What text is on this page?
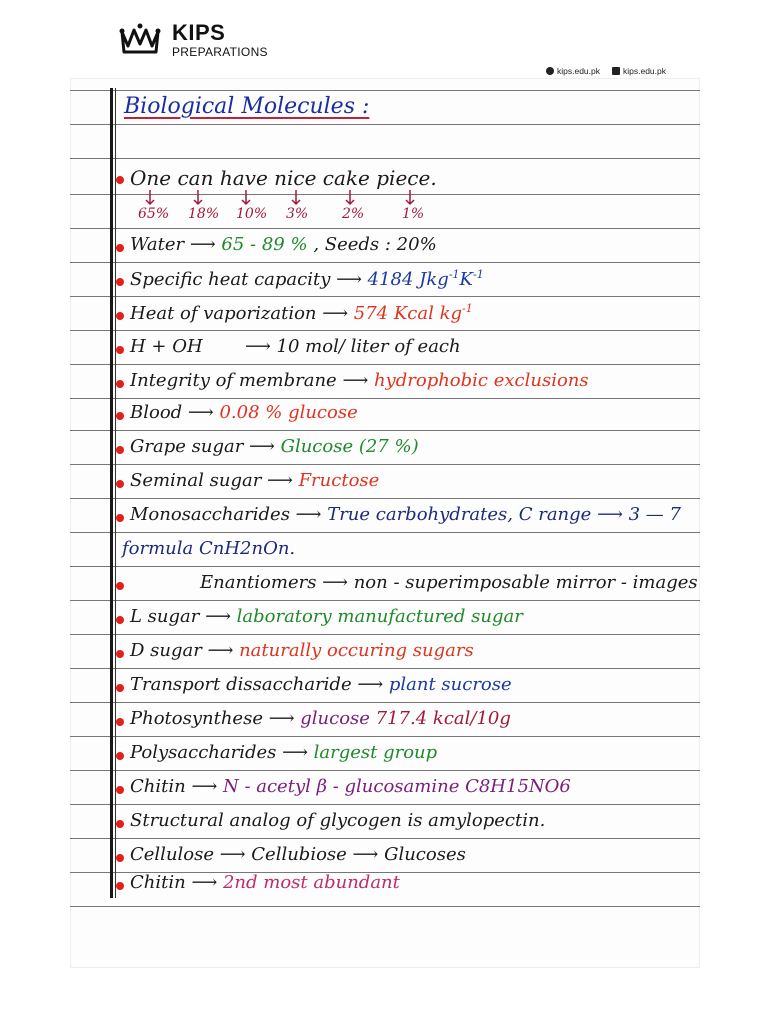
KIPS
PREPARATIONS
kips.edu.pk	kips.edu.pk
Biological Molecules :
One can have nice cake piece.
65% 18% 10% 3% 2%	1%
Water ⟶ 65 - 89 % , Seeds : 20%
Specific heat capacity ⟶ 4184 $Jkg^{-1}K^{-1}$
Heat of vaporization ⟶ 574 Kcal $kg^{-1}$
H + OH ⟶ 10 mol/ liter of each
Integrity of membrane ⟶ hydrophobic exclusions
Blood ⟶ 0.08 % glucose
Grape sugar ⟶ Glucose (27 %)
Seminal sugar ⟶ Fructose
Monosaccharides ⟶ True carbohydrates, C range ⟶ 3 — 7
formula CnH2nOn.
Enantiomers ⟶ non - superimposable mirror - images
L sugar ⟶ laboratory manufactured sugar
D sugar ⟶ naturally occuring sugars
Transport dissaccharide ⟶ plant sucrose
Photosynthese ⟶ glucose 717.4 kcal/10g
Polysaccharides ⟶ largest group
Chitin ⟶ N - acetyl β - glucosamine C8H15NO6
Structural analog of glycogen is amylopectin.
Cellulose ⟶ Cellubiose ⟶ Glucoses
Chitin ⟶ 2nd most abundant
